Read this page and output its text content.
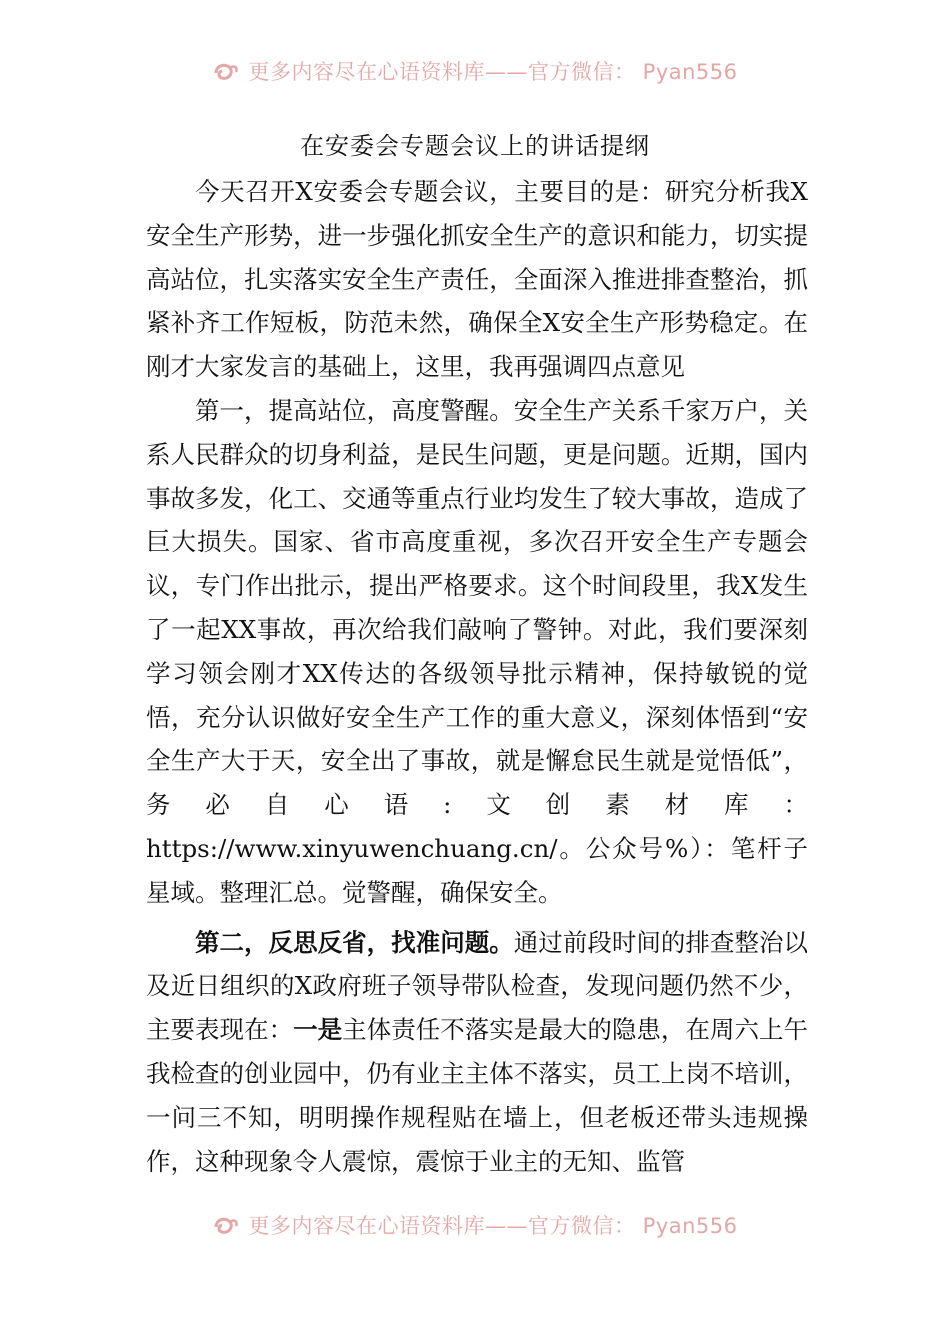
更多内容尽在心语资料库——官方微信： Pyan556
在安委会专题会议上的讲话提纲

今天召开X安委会专题会议，主要目的是：研究分析我X安全生产形势，进一步强化抓安全生产的意识和能力，切实提高站位，扎实落实安全生产责任，全面深入推进排查整治，抓紧补齐工作短板，防范未然，确保全X安全生产形势稳定。在刚才大家发言的基础上，这里，我再强调四点意见

第一，提高站位，高度警醒。安全生产关系千家万户，关系人民群众的切身利益，是民生问题，更是问题。近期，国内事故多发，化工、交通等重点行业均发生了较大事故，造成了巨大损失。国家、省市高度重视，多次召开安全生产专题会议，专门作出批示，提出严格要求。这个时间段里，我X发生了一起XX事故，再次给我们敲响了警钟。对此，我们要深刻学习领会刚才XX传达的各级领导批示精神，保持敏锐的觉悟，充分认识做好安全生产工作的重大意义，深刻体悟到“安全生产大于天，安全出了事故，就是懈怠民生就是觉悟低”，务必自心语:文创素材库：https://www.xinyuwenchuang.cn/。公众号%）：笔杆子星域。整理汇总。觉警醒，确保安全。

第二，反思反省，找准问题。通过前段时间的排查整治以及近日组织的X政府班子领导带队检查，发现问题仍然不少，主要表现在：一是主体责任不落实是最大的隐患，在周六上午我检查的创业园中，仍有业主主体不落实，员工上岗不培训，一问三不知，明明操作规程贴在墙上，但老板还带头违规操作，这种现象令人震惊，震惊于业主的无知、监管

更多内容尽在心语资料库——官方微信： Pyan556
